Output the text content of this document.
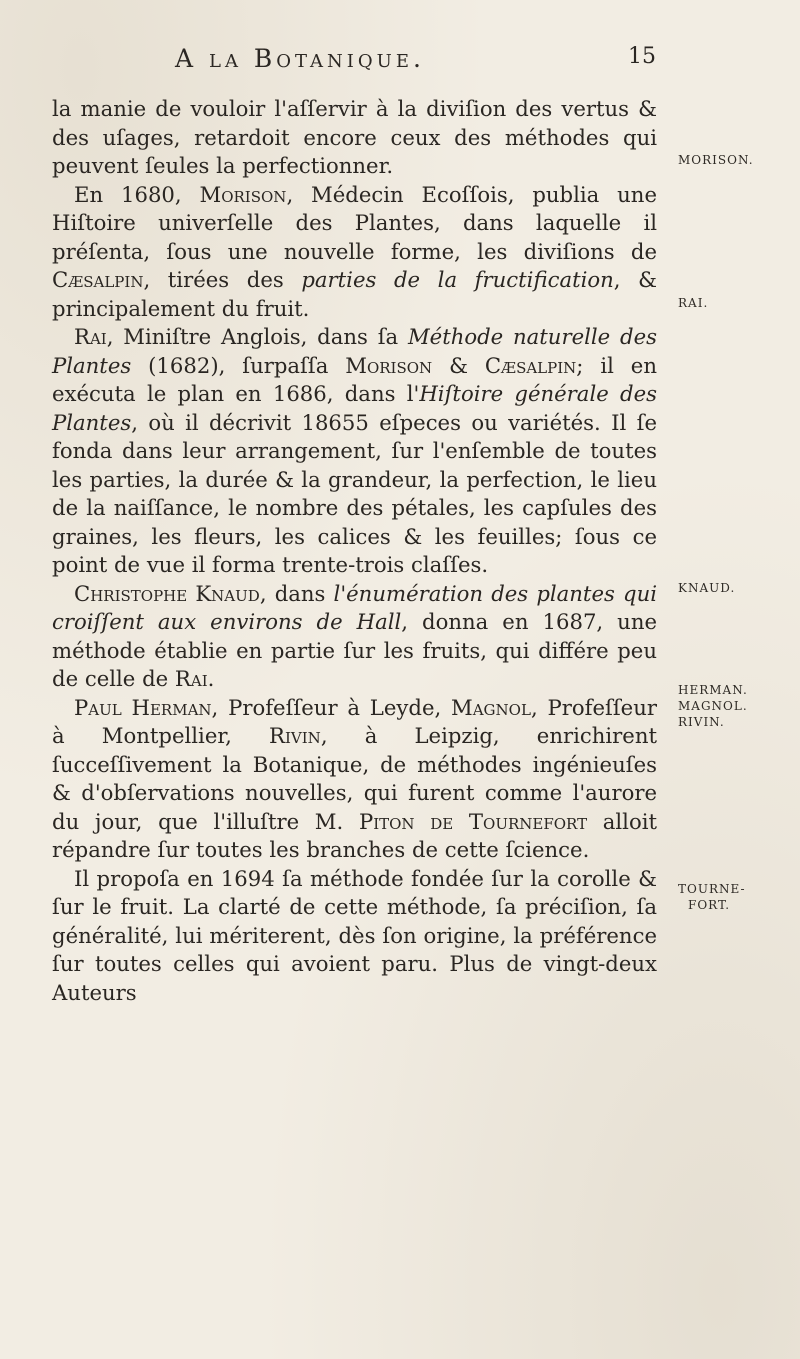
A la Botanique.	15

la manie de vouloir l'aſſervir à la diviſion des vertus & des uſages, retardoit encore ceux des méthodes qui peuvent ſeules la perfectionner.

En 1680, Morison, Médecin Ecoſſois, publia une Hiſtoire univerſelle des Plantes, dans laquelle il préſenta, ſous une nouvelle forme, les diviſions de Cæsalpin, tirées des parties de la fructification, & principalement du fruit.

Rai, Miniſtre Anglois, dans ſa Méthode naturelle des Plantes (1682), ſurpaſſa Morison & Cæsalpin; il en exécuta le plan en 1686, dans l'Hiſtoire générale des Plantes, où il décrivit 18655 eſpeces ou variétés. Il ſe fonda dans leur arrangement, ſur l'enſemble de toutes les parties, la durée & la grandeur, la perfection, le lieu de la naiſſance, le nombre des pétales, les capſules des graines, les fleurs, les calices & les feuilles; ſous ce point de vue il forma trente-trois claſſes.

Christophe Knaud, dans l'énumération des plantes qui croiſſent aux environs de Hall, donna en 1687, une méthode établie en partie ſur les fruits, qui différe peu de celle de Rai.

Paul Herman, Profeſſeur à Leyde, Magnol, Profeſſeur à Montpellier, Rivin, à Leipzig, enrichirent ſucceſſivement la Botanique, de méthodes ingénieuſes & d'obſervations nouvelles, qui furent comme l'aurore du jour, que l'illuſtre M. Piton de Tournefort alloit répandre ſur toutes les branches de cette ſcience.

Il propoſa en 1694 ſa méthode fondée ſur la corolle & ſur le fruit. La clarté de cette méthode, ſa préciſion, ſa généralité, lui mériterent, dès ſon origine, la préférence ſur toutes celles qui avoient paru. Plus de vingt-deux Auteurs

MORISON.
RAI.
KNAUD.
HERMAN.
MAGNOL.
RIVIN.
TOURNE-
FORT.
